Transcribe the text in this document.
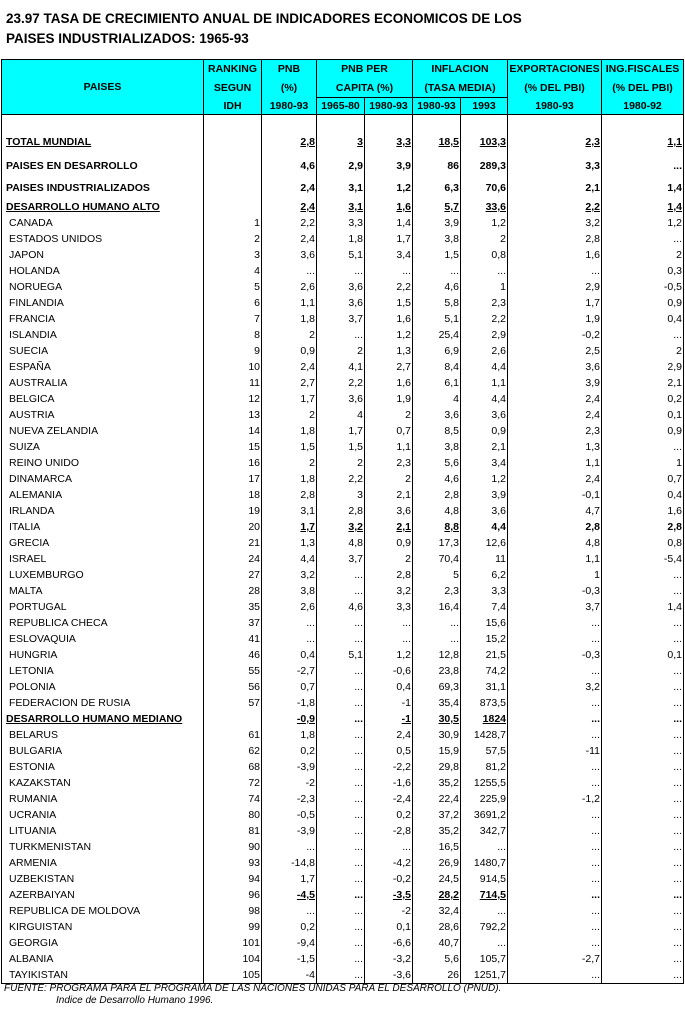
23.97 TASA DE CRECIMIENTO ANUAL DE INDICADORES ECONOMICOS DE LOS
PAISES INDUSTRIALIZADOS: 1965-93
PAISES	RANKING	PNB	PNB PER		INFLACION		EXPORTACIONES	ING.FISCALES
	SEGUN	(%)	CAPITA (%)		(TASA MEDIA)		(% DEL PBI)	(% DEL PBI)
	IDH	1980-93	1965-80	1980-93	1980-93	1993	1980-93	1980-92

TOTAL MUNDIAL		2,8	3	3,3	18,5	103,3	2,3	1,1
PAISES EN DESARROLLO		4,6	2,9	3,9	86	289,3	3,3	...
PAISES INDUSTRIALIZADOS		2,4	3,1	1,2	6,3	70,6	2,1	1,4
DESARROLLO HUMANO ALTO		2,4	3,1	1,6	5,7	33,6	2,2	1,4
CANADA	1	2,2	3,3	1,4	3,9	1,2	3,2	1,2
ESTADOS UNIDOS	2	2,4	1,8	1,7	3,8	2	2,8	...
JAPON	3	3,6	5,1	3,4	1,5	0,8	1,6	2
HOLANDA	4	...	...	...	...	...	...	0,3
NORUEGA	5	2,6	3,6	2,2	4,6	1	2,9	-0,5
FINLANDIA	6	1,1	3,6	1,5	5,8	2,3	1,7	0,9
FRANCIA	7	1,8	3,7	1,6	5,1	2,2	1,9	0,4
ISLANDIA	8	2	...	1,2	25,4	2,9	-0,2	...
SUECIA	9	0,9	2	1,3	6,9	2,6	2,5	2
ESPAÑA	10	2,4	4,1	2,7	8,4	4,4	3,6	2,9
AUSTRALIA	11	2,7	2,2	1,6	6,1	1,1	3,9	2,1
BELGICA	12	1,7	3,6	1,9	4	4,4	2,4	0,2
AUSTRIA	13	2	4	2	3,6	3,6	2,4	0,1
NUEVA ZELANDIA	14	1,8	1,7	0,7	8,5	0,9	2,3	0,9
SUIZA	15	1,5	1,5	1,1	3,8	2,1	1,3	...
REINO UNIDO	16	2	2	2,3	5,6	3,4	1,1	1
DINAMARCA	17	1,8	2,2	2	4,6	1,2	2,4	0,7
ALEMANIA	18	2,8	3	2,1	2,8	3,9	-0,1	0,4
IRLANDA	19	3,1	2,8	3,6	4,8	3,6	4,7	1,6
ITALIA	20	1,7	3,2	2,1	8,8	4,4	2,8	2,8
GRECIA	21	1,3	4,8	0,9	17,3	12,6	4,8	0,8
ISRAEL	24	4,4	3,7	2	70,4	11	1,1	-5,4
LUXEMBURGO	27	3,2	...	2,8	5	6,2	1	...
MALTA	28	3,8	...	3,2	2,3	3,3	-0,3	...
PORTUGAL	35	2,6	4,6	3,3	16,4	7,4	3,7	1,4
REPUBLICA CHECA	37	...	...	...	...	15,6	...	...
ESLOVAQUIA	41	...	...	...	...	15,2	...	...
HUNGRIA	46	0,4	5,1	1,2	12,8	21,5	-0,3	0,1
LETONIA	55	-2,7	...	-0,6	23,8	74,2	...	...
POLONIA	56	0,7	...	0,4	69,3	31,1	3,2	...
FEDERACION DE RUSIA	57	-1,8	...	-1	35,4	873,5	...	...
DESARROLLO HUMANO MEDIANO		-0,9	...	-1	30,5	1824	...	...
BELARUS	61	1,8	...	2,4	30,9	1428,7	...	...
BULGARIA	62	0,2	...	0,5	15,9	57,5	-11	...
ESTONIA	68	-3,9	...	-2,2	29,8	81,2	...	...
KAZAKSTAN	72	-2	...	-1,6	35,2	1255,5	...	...
RUMANIA	74	-2,3	...	-2,4	22,4	225,9	-1,2	...
UCRANIA	80	-0,5	...	0,2	37,2	3691,2	...	...
LITUANIA	81	-3,9	...	-2,8	35,2	342,7	...	...
TURKMENISTAN	90	...	...	...	16,5	...	...	...
ARMENIA	93	-14,8	...	-4,2	26,9	1480,7	...	...
UZBEKISTAN	94	1,7	...	-0,2	24,5	914,5	...	...
AZERBAIYAN	96	-4,5	...	-3,5	28,2	714,5	...	...
REPUBLICA DE MOLDOVA	98	...	...	-2	32,4	...	...	...
KIRGUISTAN	99	0,2	...	0,1	28,6	792,2	...	...
GEORGIA	101	-9,4	...	-6,6	40,7	...	...	...
ALBANIA	104	-1,5	...	-3,2	5,6	105,7	-2,7	...
TAYIKISTAN	105	-4	...	-3,6	26	1251,7	...	...
FUENTE: PROGRAMA PARA EL PROGRAMA DE LAS NACIONES UNIDAS PARA EL DESARROLLO (PNUD).
Indice de Desarrollo Humano 1996.
